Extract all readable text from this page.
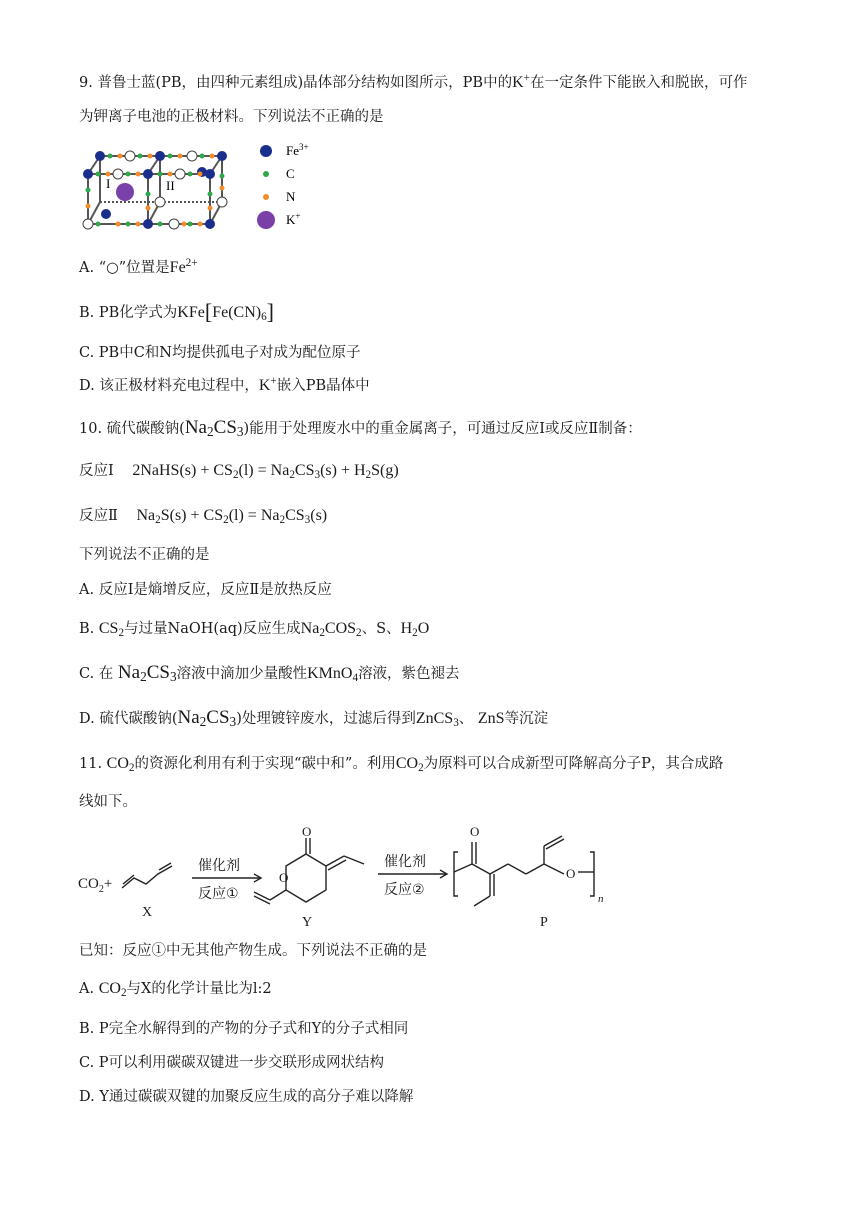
9. 普鲁士蓝(PB，由四种元素组成)晶体部分结构如图所示，PB中的K+在一定条件下能嵌入和脱嵌，可作
为钾离子电池的正极材料。下列说法不正确的是
I	II
$Fe^{3+}$
C
N
K+
A. “○”位置是$Fe^{2+}$
B. PB化学式为$KFe[Fe(CN)_6]$
C. PB中C和N均提供孤电子对成为配位原子
D. 该正极材料充电过程中，K+嵌入PB晶体中
10. 硫代碳酸钠$(Na_2CS_3)$能用于处理废水中的重金属离子，可通过反应Ⅰ或反应Ⅱ制备：
反应Ⅰ 2NaHS(s) + $CS_2(l) = Na_2CS_3(s) + H_2S(g)$
反应Ⅱ $Na_2S(s) + CS_2(l) = Na_2CS_3(s)$
下列说法不正确的是
A. 反应Ⅰ是熵增反应，反应Ⅱ是放热反应
B. $CS_2$与过量NaOH(aq)反应生成$Na_2COS_2$、S、$H_2O$
C. 在 $Na_2CS_3$溶液中滴加少量酸性KMnO$_4$溶液，紫色褪去
D. 硫代碳酸钠$(Na_2CS_3)$处理镀锌废水，过滤后得到ZnCS$_3$、 ZnS等沉淀
11. $CO_2$的资源化利用有利于实现“碳中和”。利用$CO_2$为原料可以合成新型可降解高分子P，其合成路
线如下。
$CO_2+$
X
催化剂
反应①
O
O
Y
催化剂
反应②
O
O
n
P
已知：反应①中无其他产物生成。下列说法不正确的是
A. $CO_2$与X的化学计量比为l:2
B. P完全水解得到的产物的分子式和Y的分子式相同
C. P可以利用碳碳双键进一步交联形成网状结构
D. Y通过碳碳双键的加聚反应生成的高分子难以降解
